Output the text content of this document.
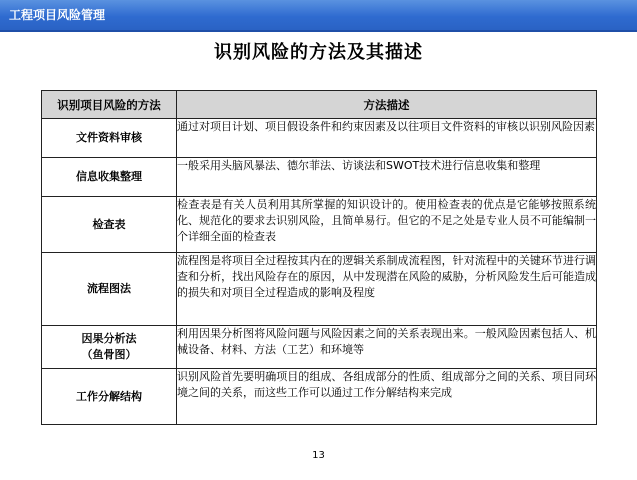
工程项目风险管理
识别风险的方法及其描述
识别项目风险的方法	方法描述
文件资料审核	通过对项目计划、项目假设条件和约束因素及以往项目文件资料的审核以识别风险因素
信息收集整理	一般采用头脑风暴法、德尔菲法、访谈法和SWOT技术进行信息收集和整理
检查表	检查表是有关人员利用其所掌握的知识设计的。使用检查表的优点是它能够按照系统化、规范化的要求去识别风险，且简单易行。但它的不足之处是专业人员不可能编制一个详细全面的检查表
流程图法	流程图是将项目全过程按其内在的逻辑关系制成流程图，针对流程中的关键环节进行调查和分析，找出风险存在的原因，从中发现潜在风险的威胁，分析风险发生后可能造成的损失和对项目全过程造成的影响及程度

因果分析法
（鱼骨图）	利用因果分析图将风险问题与风险因素之间的关系表现出来。一般风险因素包括人、机械设备、材料、方法（工艺）和环境等
工作分解结构	识别风险首先要明确项目的组成、各组成部分的性质、组成部分之间的关系、项目同环境之间的关系，而这些工作可以通过工作分解结构来完成
13
